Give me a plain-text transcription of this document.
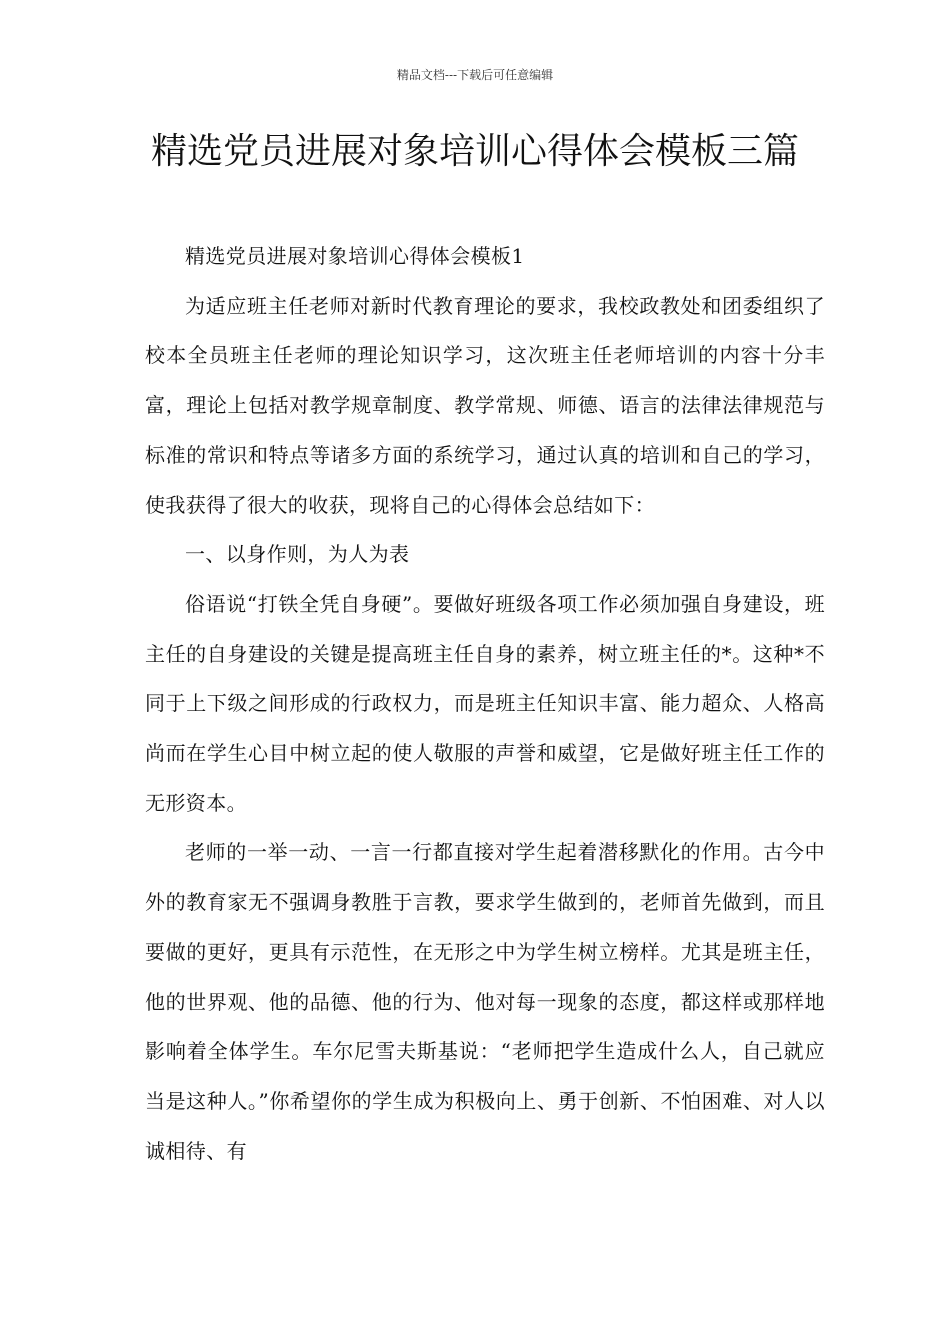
精品文档---下载后可任意编辑
精选党员进展对象培训心得体会模板三篇

精选党员进展对象培训心得体会模板1

为适应班主任老师对新时代教育理论的要求，我校政教处和团委组织了校本全员班主任老师的理论知识学习，这次班主任老师培训的内容十分丰富，理论上包括对教学规章制度、教学常规、师德、语言的法律法律规范与标准的常识和特点等诸多方面的系统学习，通过认真的培训和自己的学习，使我获得了很大的收获，现将自己的心得体会总结如下：

一、以身作则，为人为表

俗语说“打铁全凭自身硬”。要做好班级各项工作必须加强自身建设，班主任的自身建设的关键是提高班主任自身的素养，树立班主任的*。这种*不同于上下级之间形成的行政权力，而是班主任知识丰富、能力超众、人格高尚而在学生心目中树立起的使人敬服的声誉和威望，它是做好班主任工作的无形资本。

老师的一举一动、一言一行都直接对学生起着潜移默化的作用。古今中外的教育家无不强调身教胜于言教，要求学生做到的，老师首先做到，而且要做的更好，更具有示范性，在无形之中为学生树立榜样。尤其是班主任，他的世界观、他的品德、他的行为、他对每一现象的态度，都这样或那样地影响着全体学生。车尔尼雪夫斯基说：“老师把学生造成什么人，自己就应当是这种人。”你希望你的学生成为积极向上、勇于创新、不怕困难、对人以诚相待、有
